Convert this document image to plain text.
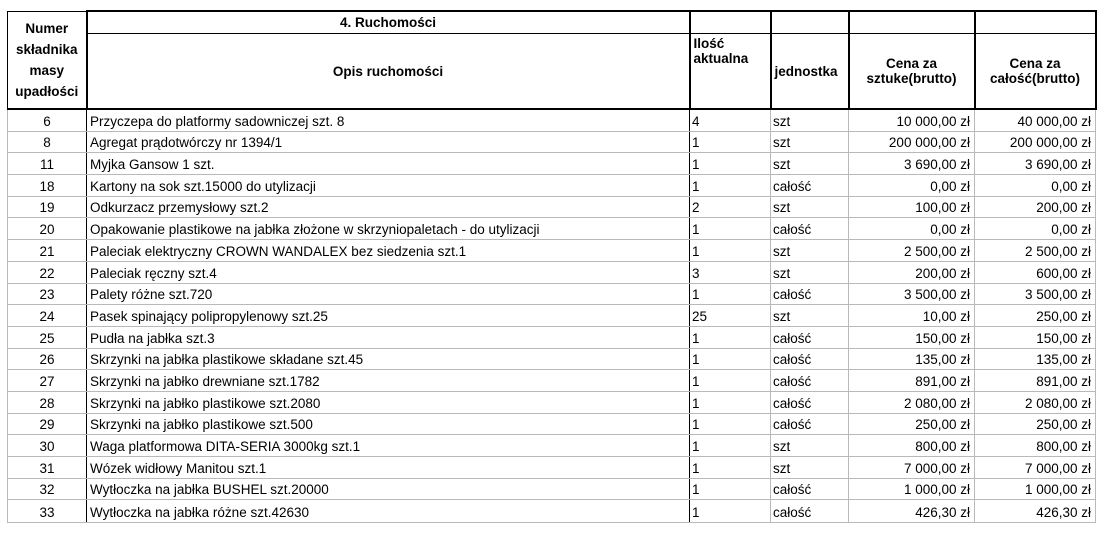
Numer składnika masy upadłości	4. Ruchomości				
	Opis ruchomości	Ilość aktualna	jednostka	Cena za sztuke(brutto)	Cena za całość(brutto)
6	Przyczepa do platformy sadowniczej szt. 8	4	szt	10 000,00 zł	40 000,00 zł
8	Agregat prądotwórczy nr 1394/1	1	szt	200 000,00 zł	200 000,00 zł
11	Myjka Gansow 1 szt.	1	szt	3 690,00 zł	3 690,00 zł
18	Kartony na sok szt.15000 do utylizacji	1	całość	0,00 zł	0,00 zł
19	Odkurzacz przemysłowy szt.2	2	szt	100,00 zł	200,00 zł
20	Opakowanie plastikowe na jabłka złożone w skrzyniopaletach - do utylizacji	1	całość	0,00 zł	0,00 zł
21	Paleciak elektryczny CROWN WANDALEX bez siedzenia szt.1	1	szt	2 500,00 zł	2 500,00 zł
22	Paleciak ręczny szt.4	3	szt	200,00 zł	600,00 zł
23	Palety różne szt.720	1	całość	3 500,00 zł	3 500,00 zł
24	Pasek spinający polipropylenowy szt.25	25	szt	10,00 zł	250,00 zł
25	Pudła na jabłka szt.3	1	całość	150,00 zł	150,00 zł
26	Skrzynki na jabłka plastikowe składane szt.45	1	całość	135,00 zł	135,00 zł
27	Skrzynki na jabłko drewniane szt.1782	1	całość	891,00 zł	891,00 zł
28	Skrzynki na jabłko plastikowe szt.2080	1	całość	2 080,00 zł	2 080,00 zł
29	Skrzynki na jabłko plastikowe szt.500	1	całość	250,00 zł	250,00 zł
30	Waga platformowa DITA-SERIA 3000kg szt.1	1	szt	800,00 zł	800,00 zł
31	Wózek widłowy Manitou szt.1	1	szt	7 000,00 zł	7 000,00 zł
32	Wytłoczka na jabłka BUSHEL szt.20000	1	całość	1 000,00 zł	1 000,00 zł
33	Wytłoczka na jabłka różne szt.42630	1	całość	426,30 zł	426,30 zł
